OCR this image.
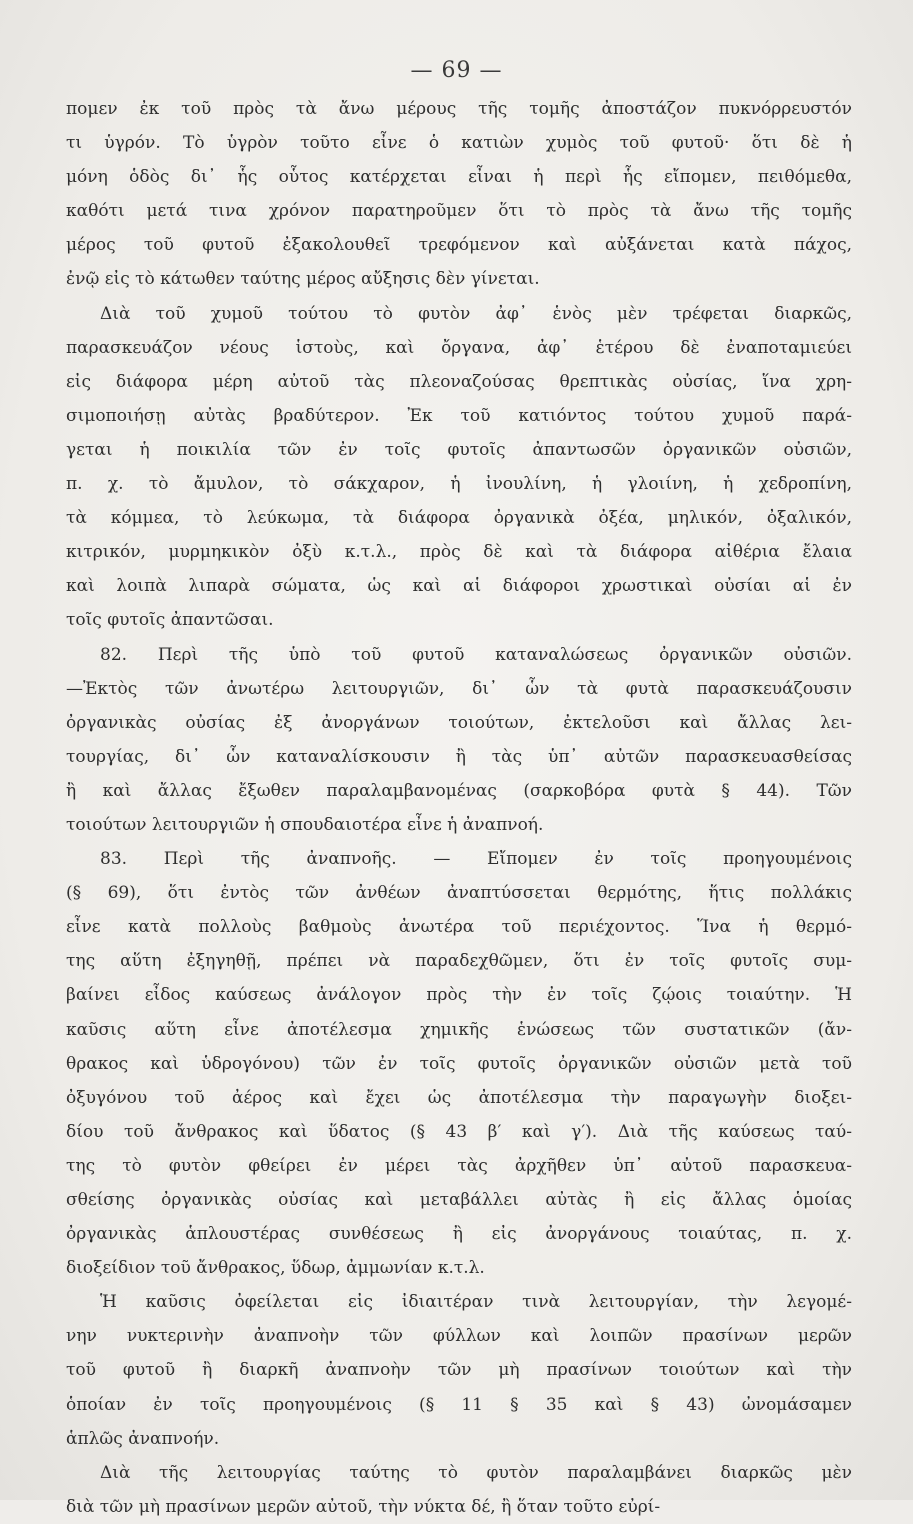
— 69 —
πομεν ἐκ τοῦ πρὸς τὰ ἄνω μέρους τῆς τομῆς ἀποστάζον πυκνόρρευστόν
τι ὑγρόν. Τὸ ὑγρὸν τοῦτο εἶνε ὁ κατιὼν χυμὸς τοῦ φυτοῦ· ὅτι δὲ ἡ
μόνη ὁδὸς δι᾽ ἧς οὗτος κατέρχεται εἶναι ἡ περὶ ἧς εἴπομεν, πειθόμεθα,
καθότι μετά τινα χρόνον παρατηροῦμεν ὅτι τὸ πρὸς τὰ ἄνω τῆς τομῆς
μέρος τοῦ φυτοῦ ἐξακολουθεῖ τρεφόμενον καὶ αὐξάνεται κατὰ πάχος,
ἐνῷ εἰς τὸ κάτωθεν ταύτης μέρος αὔξησις δὲν γίνεται.
Διὰ τοῦ χυμοῦ τούτου τὸ φυτὸν ἀφ᾽ ἑνὸς μὲν τρέφεται διαρκῶς,
παρασκευάζον νέους ἱστοὺς, καὶ ὄργανα, ἀφ᾽ ἑτέρου δὲ ἐναποταμιεύει
εἰς διάφορα μέρη αὐτοῦ τὰς πλεοναζούσας θρεπτικὰς οὐσίας, ἵνα χρη-
σιμοποιήσῃ αὐτὰς βραδύτερον. Ἐκ τοῦ κατιόντος τούτου χυμοῦ παρά-
γεται ἡ ποικιλία τῶν ἐν τοῖς φυτοῖς ἀπαντωσῶν ὀργανικῶν οὐσιῶν,
π. χ. τὸ ἄμυλον, τὸ σάκχαρον, ἡ ἰνουλίνη, ἡ γλοιίνη, ἡ χεδροπίνη,
τὰ κόμμεα, τὸ λεύκωμα, τὰ διάφορα ὀργανικὰ ὀξέα, μηλικόν, ὀξαλικόν,
κιτρικόν, μυρμηκικὸν ὀξὺ κ.τ.λ., πρὸς δὲ καὶ τὰ διάφορα αἰθέρια ἔλαια
καὶ λοιπὰ λιπαρὰ σώματα, ὡς καὶ αἱ διάφοροι χρωστικαὶ οὐσίαι αἱ ἐν
τοῖς φυτοῖς ἀπαντῶσαι.
82. Περὶ τῆς ὑπὸ τοῦ φυτοῦ καταναλώσεως ὀργανικῶν οὐσιῶν.
—Ἐκτὸς τῶν ἀνωτέρω λειτουργιῶν, δι᾽ ὧν τὰ φυτὰ παρασκευάζουσιν
ὀργανικὰς οὐσίας ἐξ ἀνοργάνων τοιούτων, ἐκτελοῦσι καὶ ἄλλας λει-
τουργίας, δι᾽ ὧν καταναλίσκουσιν ἢ τὰς ὑπ᾽ αὐτῶν παρασκευασθείσας
ἢ καὶ ἄλλας ἔξωθεν παραλαμβανομένας (σαρκοβόρα φυτὰ § 44). Τῶν
τοιούτων λειτουργιῶν ἡ σπουδαιοτέρα εἶνε ἡ ἀναπνοή.
83. Περὶ τῆς ἀναπνοῆς. — Εἴπομεν ἐν τοῖς προηγουμένοις
(§ 69), ὅτι ἐντὸς τῶν ἀνθέων ἀναπτύσσεται θερμότης, ἥτις πολλάκις
εἶνε κατὰ πολλοὺς βαθμοὺς ἀνωτέρα τοῦ περιέχοντος. Ἵνα ἡ θερμό-
της αὕτη ἐξηγηθῇ, πρέπει νὰ παραδεχθῶμεν, ὅτι ἐν τοῖς φυτοῖς συμ-
βαίνει εἶδος καύσεως ἀνάλογον πρὸς τὴν ἐν τοῖς ζῴοις τοιαύτην. Ἡ
καῦσις αὕτη εἶνε ἀποτέλεσμα χημικῆς ἑνώσεως τῶν συστατικῶν (ἄν-
θρακος καὶ ὑδρογόνου) τῶν ἐν τοῖς φυτοῖς ὀργανικῶν οὐσιῶν μετὰ τοῦ
ὀξυγόνου τοῦ ἀέρος καὶ ἔχει ὡς ἀποτέλεσμα τὴν παραγωγὴν διοξει-
δίου τοῦ ἄνθρακος καὶ ὕδατος (§ 43 β′ καὶ γ′). Διὰ τῆς καύσεως ταύ-
της τὸ φυτὸν φθείρει ἐν μέρει τὰς ἀρχῆθεν ὑπ᾽ αὐτοῦ παρασκευα-
σθείσης ὀργανικὰς οὐσίας καὶ μεταβάλλει αὐτὰς ἢ εἰς ἄλλας ὁμοίας
ὀργανικὰς ἁπλουστέρας συνθέσεως ἢ εἰς ἀνοργάνους τοιαύτας, π. χ.
διοξείδιον τοῦ ἄνθρακος, ὕδωρ, ἀμμωνίαν κ.τ.λ.
Ἡ καῦσις ὀφείλεται εἰς ἰδιαιτέραν τινὰ λειτουργίαν, τὴν λεγομέ-
νην νυκτερινὴν ἀναπνοὴν τῶν φύλλων καὶ λοιπῶν πρασίνων μερῶν
τοῦ φυτοῦ ἢ διαρκῆ ἀναπνοὴν τῶν μὴ πρασίνων τοιούτων καὶ τὴν
ὁποίαν ἐν τοῖς προηγουμένοις (§ 11 § 35 καὶ § 43) ὠνομάσαμεν
ἁπλῶς ἀναπνοήν.
Διὰ τῆς λειτουργίας ταύτης τὸ φυτὸν παραλαμβάνει διαρκῶς μὲν
διὰ τῶν μὴ πρασίνων μερῶν αὐτοῦ, τὴν νύκτα δέ, ἢ ὅταν τοῦτο εὐρί-
